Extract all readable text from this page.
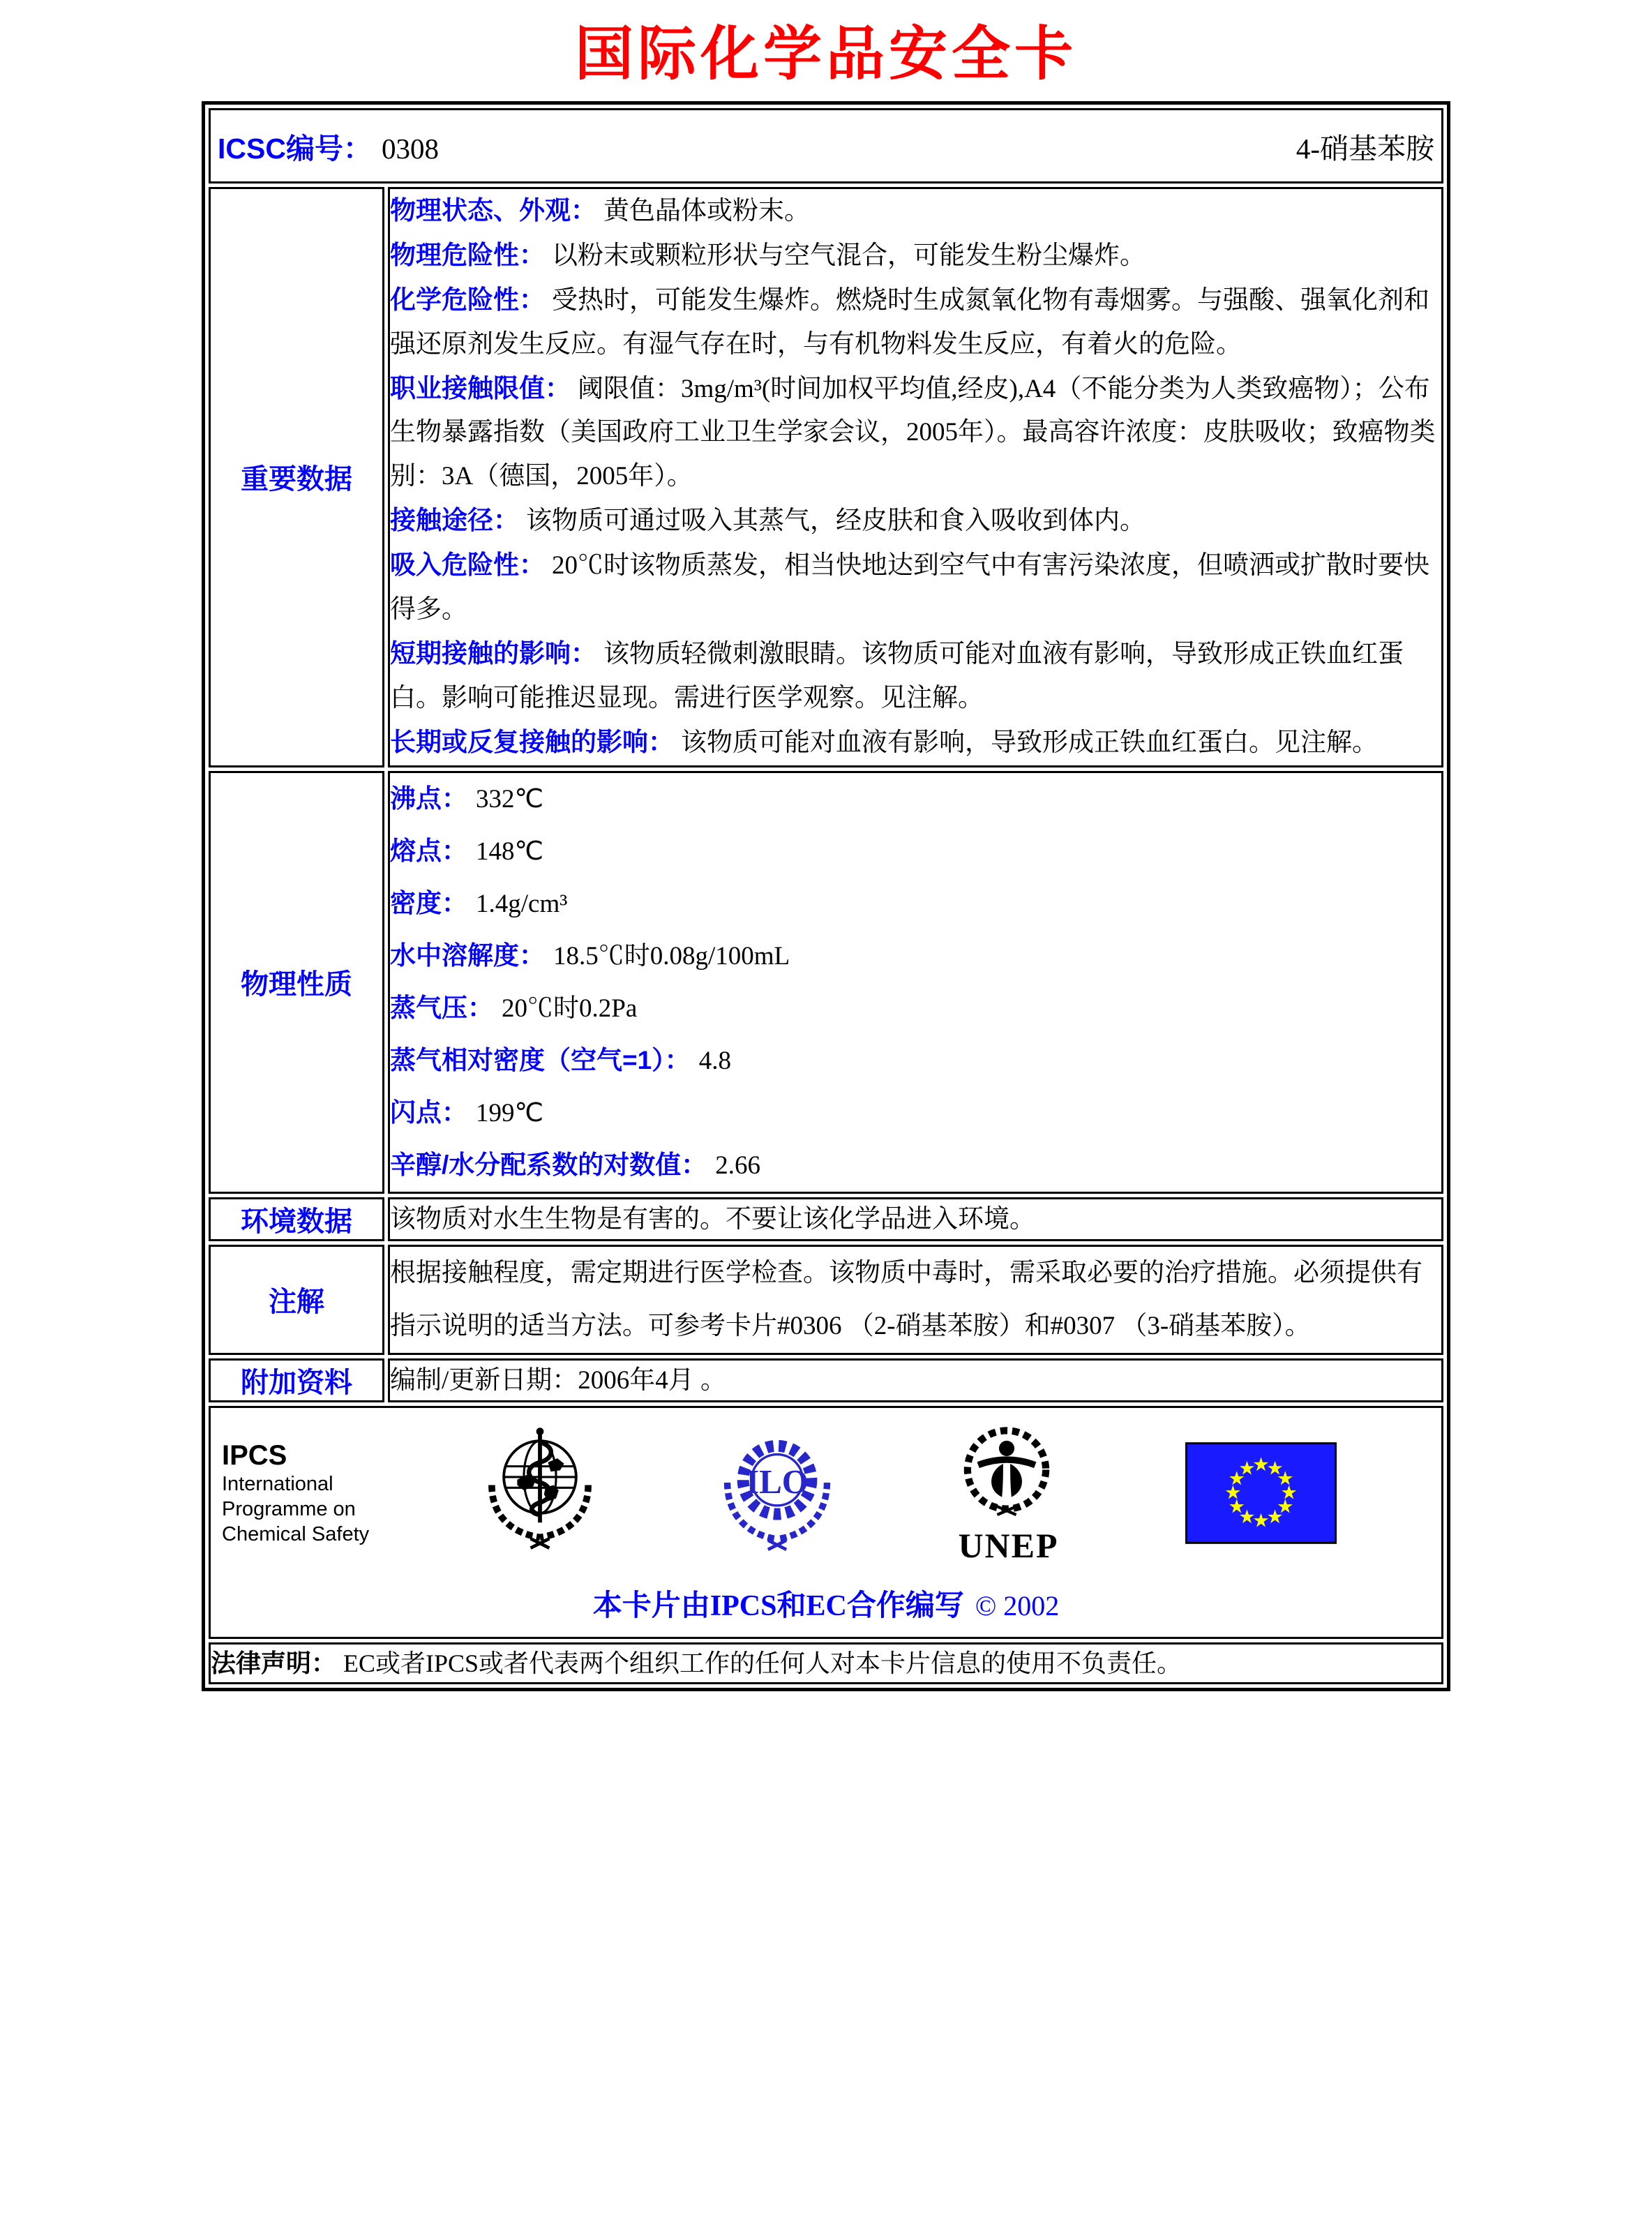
国际化学品安全卡
ICSC编号： 0308 4-硝基苯胺	

重要数据	
物理状态、外观： 黄色晶体或粉末。
物理危险性： 以粉末或颗粒形状与空气混合，可能发生粉尘爆炸。
化学危险性： 受热时，可能发生爆炸。燃烧时生成氮氧化物有毒烟雾。与强酸、强氧化剂和强还原剂发生反应。有湿气存在时，与有机物料发生反应，有着火的危险。
职业接触限值： 阈限值：3mg/m³(时间加权平均值,经皮),A4（不能分类为人类致癌物）；公布生物暴露指数（美国政府工业卫生学家会议，2005年）。最高容许浓度：皮肤吸收；致癌物类别：3A（德国，2005年）。
接触途径： 该物质可通过吸入其蒸气，经皮肤和食入吸收到体内。
吸入危险性： 20℃时该物质蒸发，相当快地达到空气中有害污染浓度，但喷洒或扩散时要快得多。
短期接触的影响： 该物质轻微刺激眼睛。该物质可能对血液有影响，导致形成正铁血红蛋白。影响可能推迟显现。需进行医学观察。见注解。
长期或反复接触的影响： 该物质可能对血液有影响，导致形成正铁血红蛋白。见注解。

物理性质	
沸点： 332℃
熔点： 148℃
密度： 1.4g/cm³
水中溶解度： 18.5℃时0.08g/100mL
蒸气压： 20℃时0.2Pa
蒸气相对密度（空气=1）： 4.8
闪点： 199℃
辛醇/水分配系数的对数值： 2.66

环境数据	该物质对水生生物是有害的。不要让该化学品进入环境。
注解	根据接触程度，需定期进行医学检查。该物质中毒时，需采取必要的治疗措施。必须提供有指示说明的适当方法。可参考卡片#0306 （2-硝基苯胺）和#0307 （3-硝基苯胺）。
附加资料	编制/更新日期：2006年4月 。

IPCS
International
Programme on
Chemical Safety
ILO
UNEP
本卡片由IPCS和EC合作编写 © 2002

法律声明： EC或者IPCS或者代表两个组织工作的任何人对本卡片信息的使用不负责任。	
